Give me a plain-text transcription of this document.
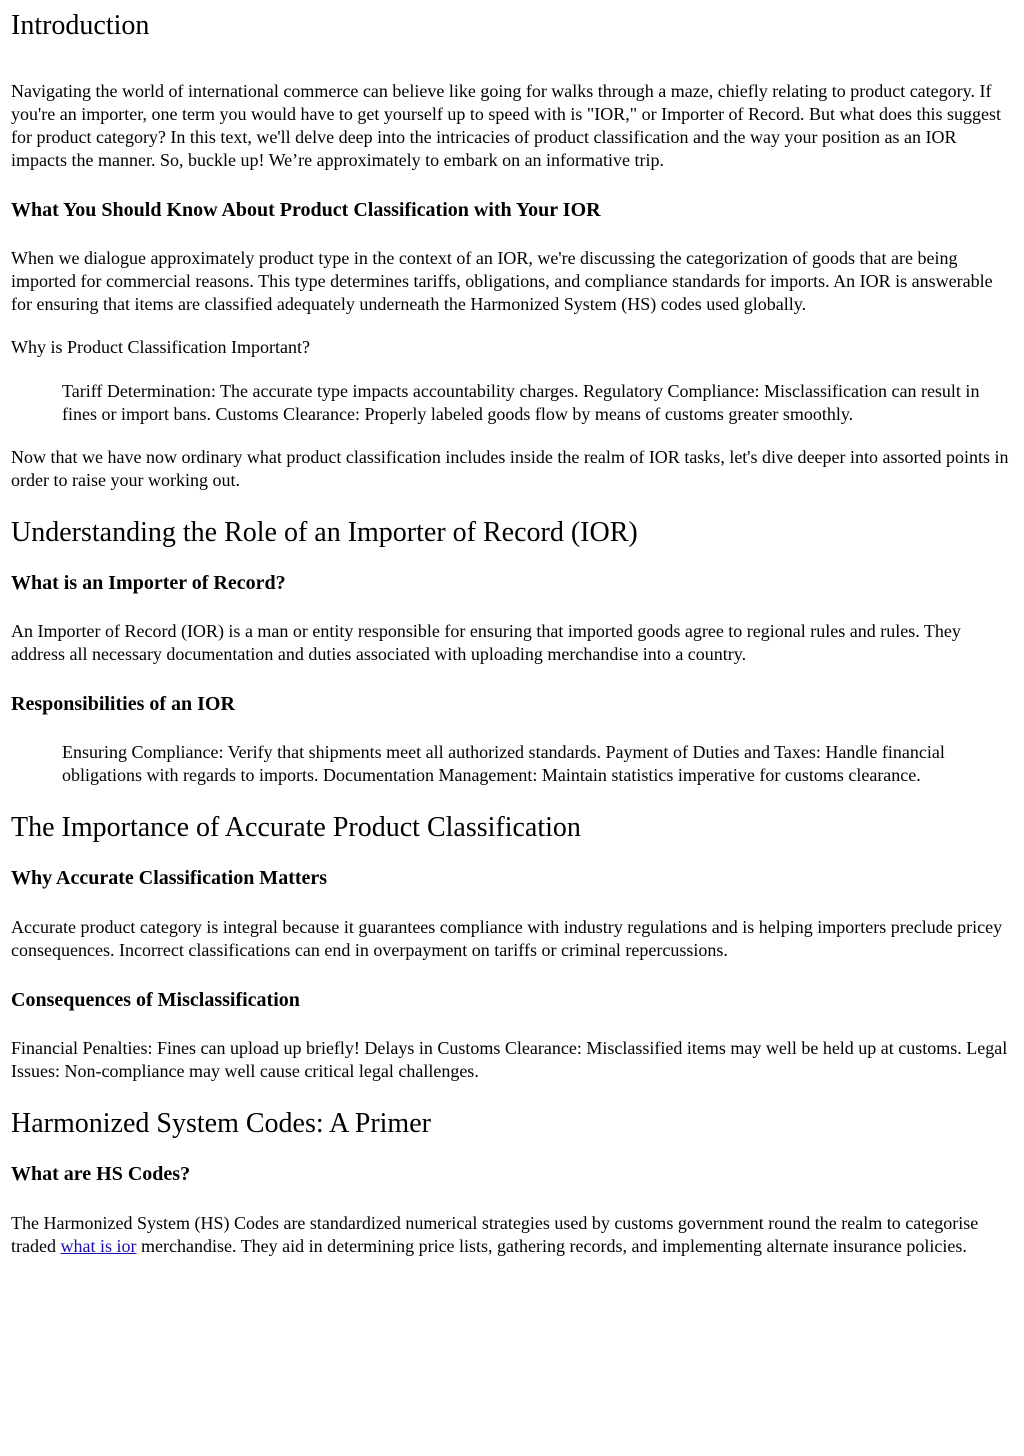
Introduction

Navigating the world of international commerce can believe like going for walks through a maze, chiefly relating to product category. If you're an importer, one term you would have to get yourself up to speed with is "IOR," or Importer of Record. But what does this suggest for product category? In this text, we'll delve deep into the intricacies of product classification and the way your position as an IOR impacts the manner. So, buckle up! We’re approximately to embark on an informative trip.

What You Should Know About Product Classification with Your IOR

When we dialogue approximately product type in the context of an IOR, we're discussing the categorization of goods that are being imported for commercial reasons. This type determines tariffs, obligations, and compliance standards for imports. An IOR is answerable for ensuring that items are classified adequately underneath the Harmonized System (HS) codes used globally.

Why is Product Classification Important?

Tariff Determination: The accurate type impacts accountability charges. Regulatory Compliance: Misclassification can result in fines or import bans. Customs Clearance: Properly labeled goods flow by means of customs greater smoothly.

Now that we have now ordinary what product classification includes inside the realm of IOR tasks, let's dive deeper into assorted points in order to raise your working out.

Understanding the Role of an Importer of Record (IOR)
What is an Importer of Record?

An Importer of Record (IOR) is a man or entity responsible for ensuring that imported goods agree to regional rules and rules. They address all necessary documentation and duties associated with uploading merchandise into a country.

Responsibilities of an IOR
Ensuring Compliance: Verify that shipments meet all authorized standards. Payment of Duties and Taxes: Handle financial obligations with regards to imports. Documentation Management: Maintain statistics imperative for customs clearance.
The Importance of Accurate Product Classification
Why Accurate Classification Matters

Accurate product category is integral because it guarantees compliance with industry regulations and is helping importers preclude pricey consequences. Incorrect classifications can end in overpayment on tariffs or criminal repercussions.

Consequences of Misclassification

Financial Penalties: Fines can upload up briefly! Delays in Customs Clearance: Misclassified items may well be held up at customs. Legal Issues: Non-compliance may well cause critical legal challenges.

Harmonized System Codes: A Primer
What are HS Codes?

The Harmonized System (HS) Codes are standardized numerical strategies used by customs government round the realm to categorise traded what is ior merchandise. They aid in determining price lists, gathering records, and implementing alternate insurance policies.
